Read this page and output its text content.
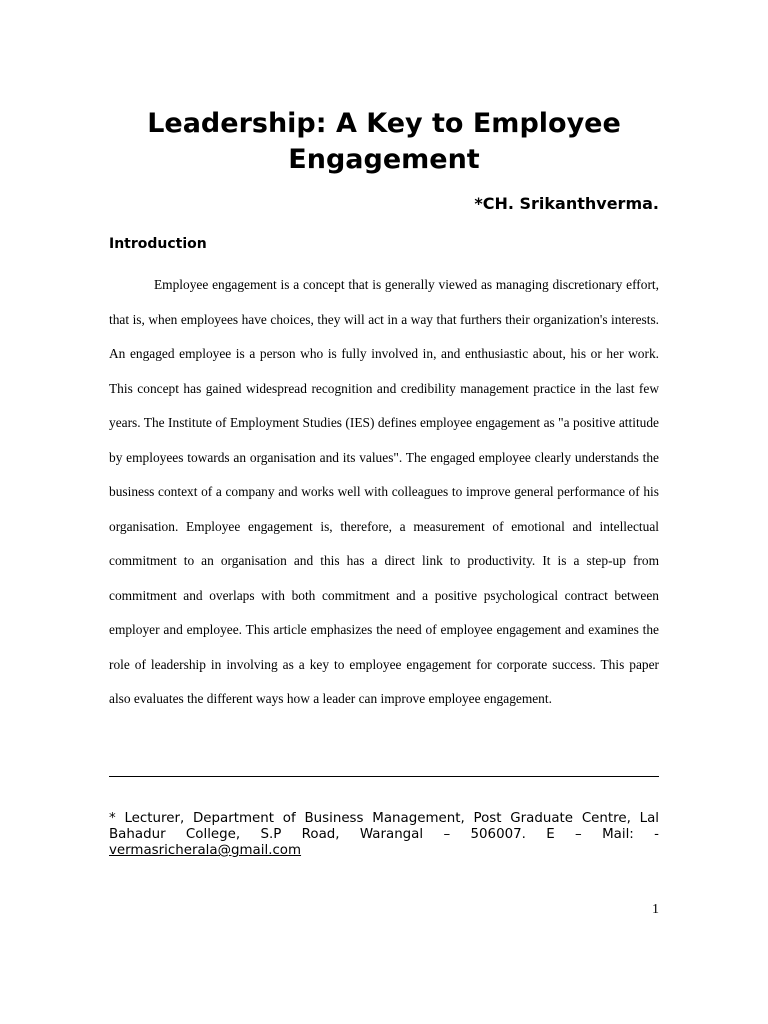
Leadership: A Key to Employee Engagement

*CH. Srikanthverma.

Introduction

Employee engagement is a concept that is generally viewed as managing discretionary effort, that is, when employees have choices, they will act in a way that furthers their organization's interests. An engaged employee is a person who is fully involved in, and enthusiastic about, his or her work. This concept has gained widespread recognition and credibility management practice in the last few years. The Institute of Employment Studies (IES) defines employee engagement as "a positive attitude by employees towards an organisation and its values". The engaged employee clearly understands the business context of a company and works well with colleagues to improve general performance of his organisation. Employee engagement is, therefore, a measurement of emotional and intellectual commitment to an organisation and this has a direct link to productivity. It is a step-up from commitment and overlaps with both commitment and a positive psychological contract between employer and employee. This article emphasizes the need of employee engagement and examines the role of leadership in involving as a key to employee engagement for corporate success. This paper also evaluates the different ways how a leader can improve employee engagement.

* Lecturer, Department of Business Management, Post Graduate Centre, Lal Bahadur College, S.P Road, Warangal – 506007. E – Mail: - vermasricherala@gmail.com

1
